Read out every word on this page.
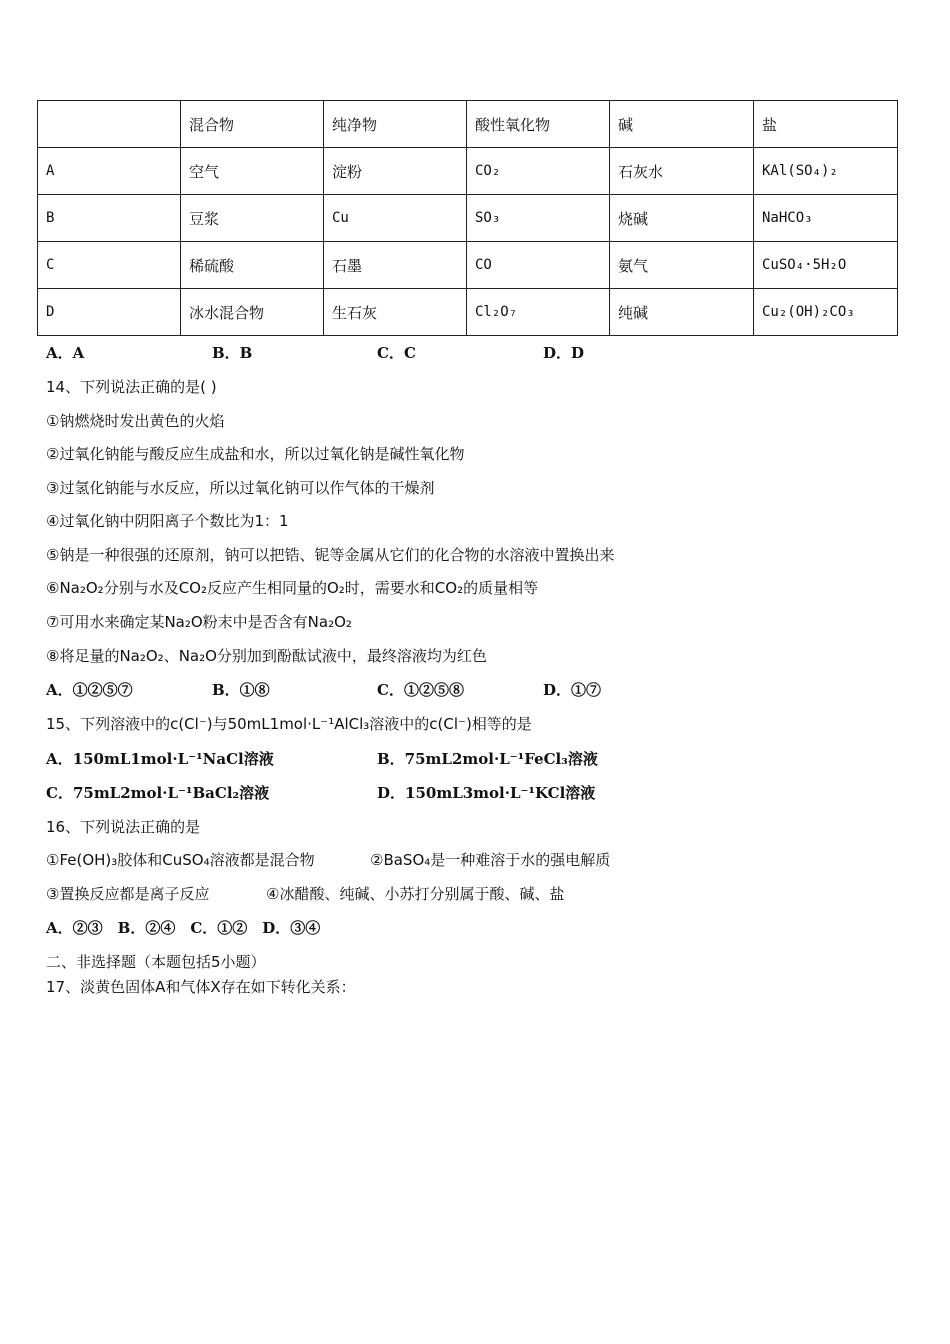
	混合物	纯净物	酸性氧化物	碱	盐
A	空气	淀粉	CO₂	石灰水	KAl(SO₄)₂
B	豆浆	Cu	SO₃	烧碱	NaHCO₃
C	稀硫酸	石墨	CO	氨气	CuSO₄·5H₂O
D	冰水混合物	生石灰	Cl₂O₇	纯碱	Cu₂(OH)₂CO₃
A．A	B．B	C．C	D．D
14、下列说法正确的是( )
①钠燃烧时发出黄色的火焰
②过氧化钠能与酸反应生成盐和水，所以过氧化钠是碱性氧化物
③过氢化钠能与水反应，所以过氧化钠可以作气体的干燥剂
④过氧化钠中阴阳离子个数比为1：1
⑤钠是一种很强的还原剂，钠可以把锆、铌等金属从它们的化合物的水溶液中置换出来
⑥Na₂O₂分别与水及CO₂反应产生相同量的O₂时，需要水和CO₂的质量相等
⑦可用水来确定某Na₂O粉末中是否含有Na₂O₂
⑧将足量的Na₂O₂、Na₂O分别加到酚酞试液中，最终溶液均为红色
A．①②⑤⑦	B．①⑧	C．①②⑤⑧	D．①⑦
15、下列溶液中的c(Cl⁻)与50mL1mol·L⁻¹AlCl₃溶液中的c(Cl⁻)相等的是
A．150mL1mol·L⁻¹NaCl溶液	B．75mL2mol·L⁻¹FeCl₃溶液
C．75mL2mol·L⁻¹BaCl₂溶液	D．150mL3mol·L⁻¹KCl溶液
16、下列说法正确的是
①Fe(OH)₃胶体和CuSO₄溶液都是混合物	②BaSO₄是一种难溶于水的强电解质
③置换反应都是离子反应	④冰醋酸、纯碱、小苏打分别属于酸、碱、盐
A．②③　B．②④　C．①②　D．③④
二、非选择题（本题包括5小题）
17、淡黄色固体A和气体X存在如下转化关系：
